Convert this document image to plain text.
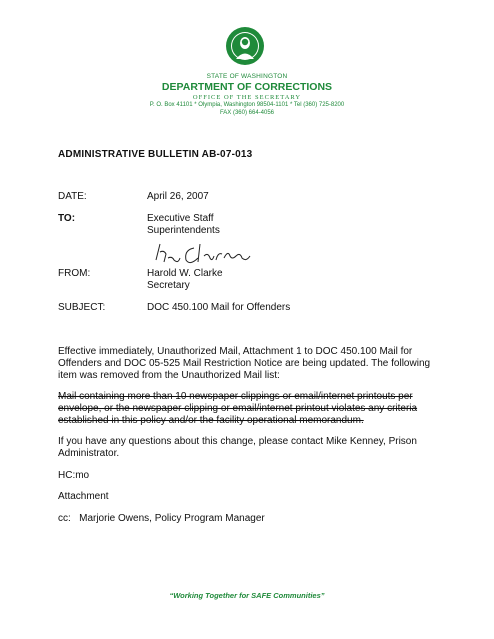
STATE OF WASHINGTON
DEPARTMENT OF CORRECTIONS
OFFICE OF THE SECRETARY
P. O. Box 41101 * Olympia, Washington 98504-1101 * Tel (360) 725-8200
FAX (360) 664-4056
ADMINISTRATIVE BULLETIN AB-07-013
DATE:	April 26, 2007
TO:	Executive Staff
Superintendents
FROM:	Harold W. Clarke
Secretary
SUBJECT:	DOC 450.100 Mail for Offenders
Effective immediately, Unauthorized Mail, Attachment 1 to DOC 450.100 Mail for Offenders and DOC 05-525 Mail Restriction Notice are being updated. The following item was removed from the Unauthorized Mail list:
Mail containing more than 10 newspaper clippings or email/internet printouts per envelope, or the newspaper clipping or email/internet printout violates any criteria established in this policy and/or the facility operational memorandum.
If you have any questions about this change, please contact Mike Kenney, Prison Administrator.
HC:mo
Attachment
cc:   Marjorie Owens, Policy Program Manager
“Working Together for SAFE Communities”
